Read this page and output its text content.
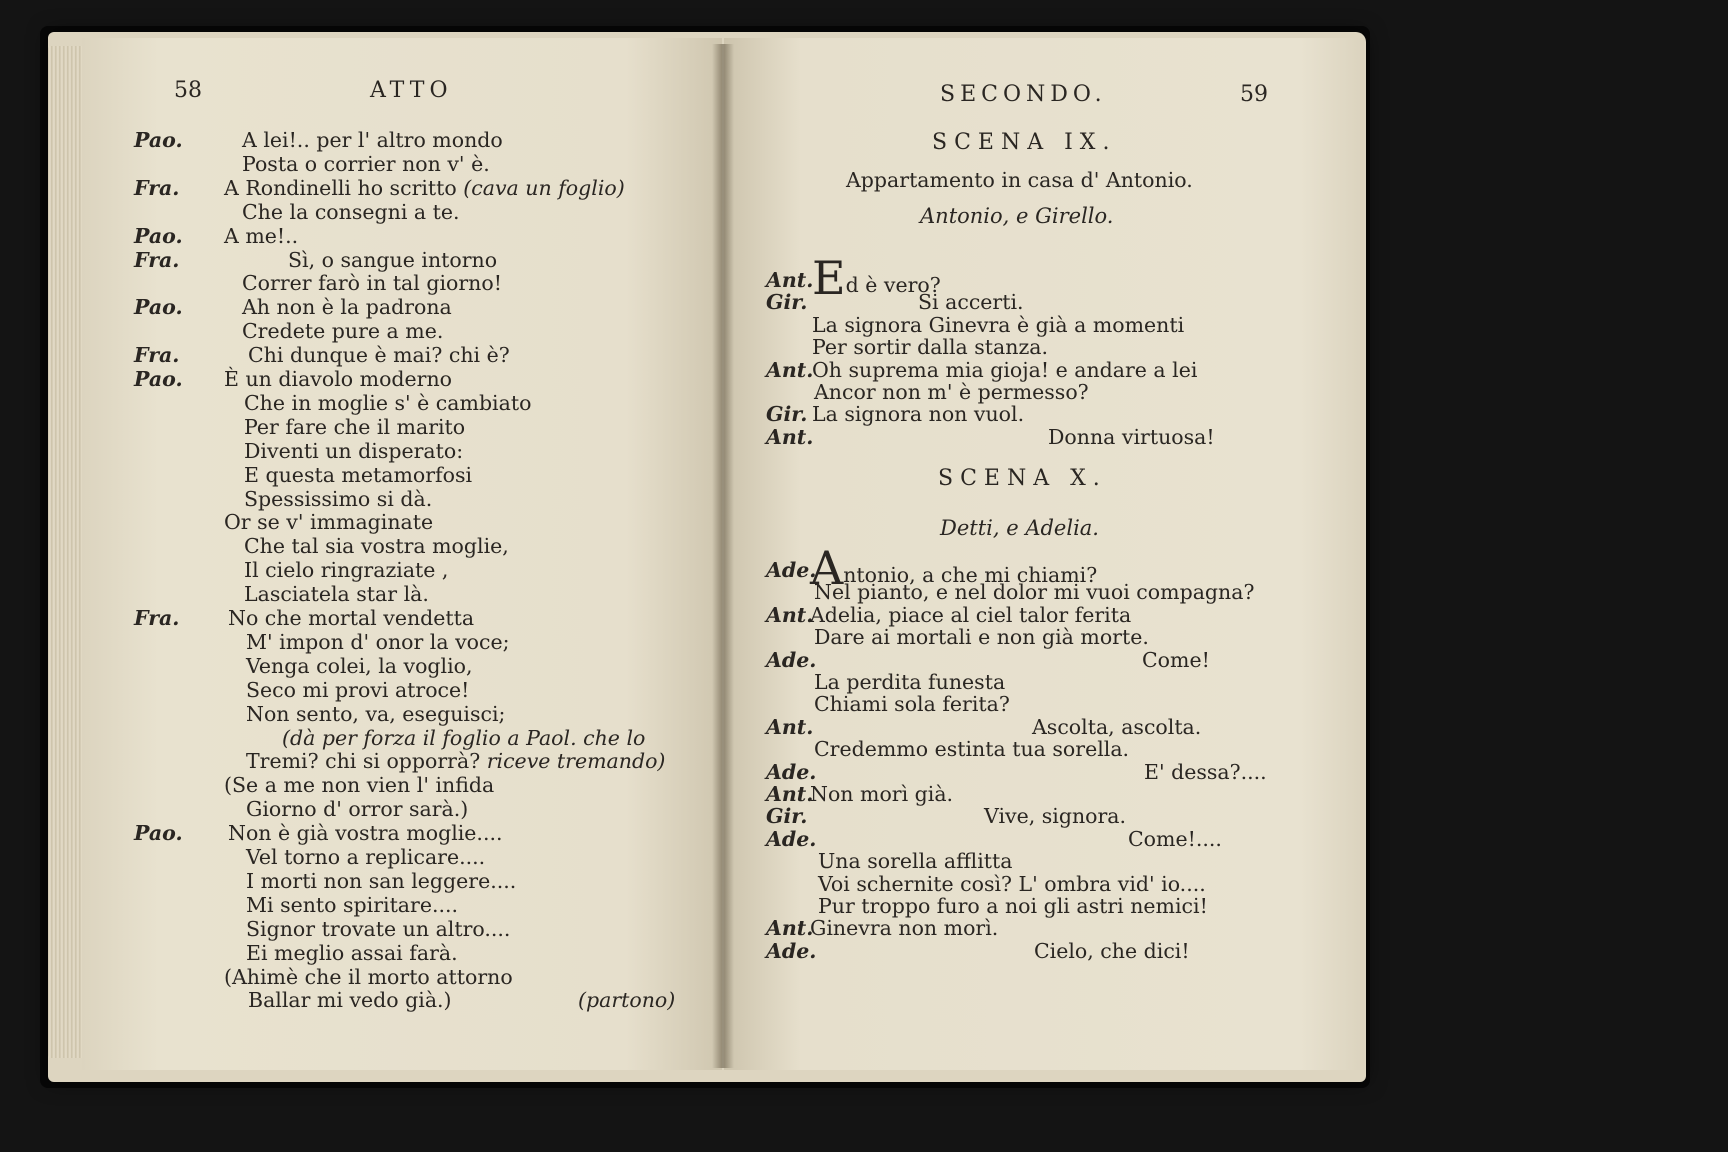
58	ATTO
Pao.	A lei!.. per l' altro mondo
Posta o corrier non v' è.
Fra. A Rondinelli ho scritto (cava un foglio)
Che la consegni a te.
Pao. A me!..
Fra.	Sì, o sangue intorno
Correr farò in tal giorno!
Pao.	Ah non è la padrona
Credete pure a me.
Fra.	Chi dunque è mai? chi è?
Pao. È un diavolo moderno
Che in moglie s' è cambiato
Per fare che il marito
Diventi un disperato:
E questa metamorfosi
Spessissimo si dà.
Or se v' immaginate
Che tal sia vostra moglie,
Il cielo ringraziate ,
Lasciatela star là.
Fra. No che mortal vendetta
M' impon d' onor la voce;
Venga colei, la voglio,
Seco mi provi atroce!
Non sento, va, eseguisci;
(dà per forza il foglio a Paol. che lo
Tremi? chi si opporrà? riceve tremando)
(Se a me non vien l' infida
Giorno d' orror sarà.)
Pao. Non è già vostra moglie....
Vel torno a replicare....
I morti non san leggere....
Mi sento spiritare....
Signor trovate un altro....
Ei meglio assai farà.
(Ahimè che il morto attorno
Ballar mi vedo già.)	(partono)
SECONDO.	59
SCENA IX.
Appartamento in casa d' Antonio.
Antonio, e Girello.
Ant.
Ed è vero?
Gir.	Si accerti.
La signora Ginevra è già a momenti
Per sortir dalla stanza.
Ant.
Oh suprema mia gioja! e andare a lei
Ancor non m' è permesso?
Gir. La signora non vuol.
Ant.	Donna virtuosa!
SCENA X.
Detti, e Adelia.
Ade.
Antonio, a che mi chiami?
Nel pianto, e nel dolor mi vuoi compagna?
Ant.
Adelia, piace al ciel talor ferita
Dare ai mortali e non già morte.
Ade.	Come!
La perdita funesta
Chiami sola ferita?
Ant.	Ascolta, ascolta.
Credemmo estinta tua sorella.
Ade.	E' dessa?....
Ant.
Non morì già.
Gir.	Vive, signora.
Ade.	Come!....
Una sorella afflitta
Voi schernite così? L' ombra vid' io....
Pur troppo furo a noi gli astri nemici!
Ant.
Ginevra non morì.
Ade.	Cielo, che dici!
